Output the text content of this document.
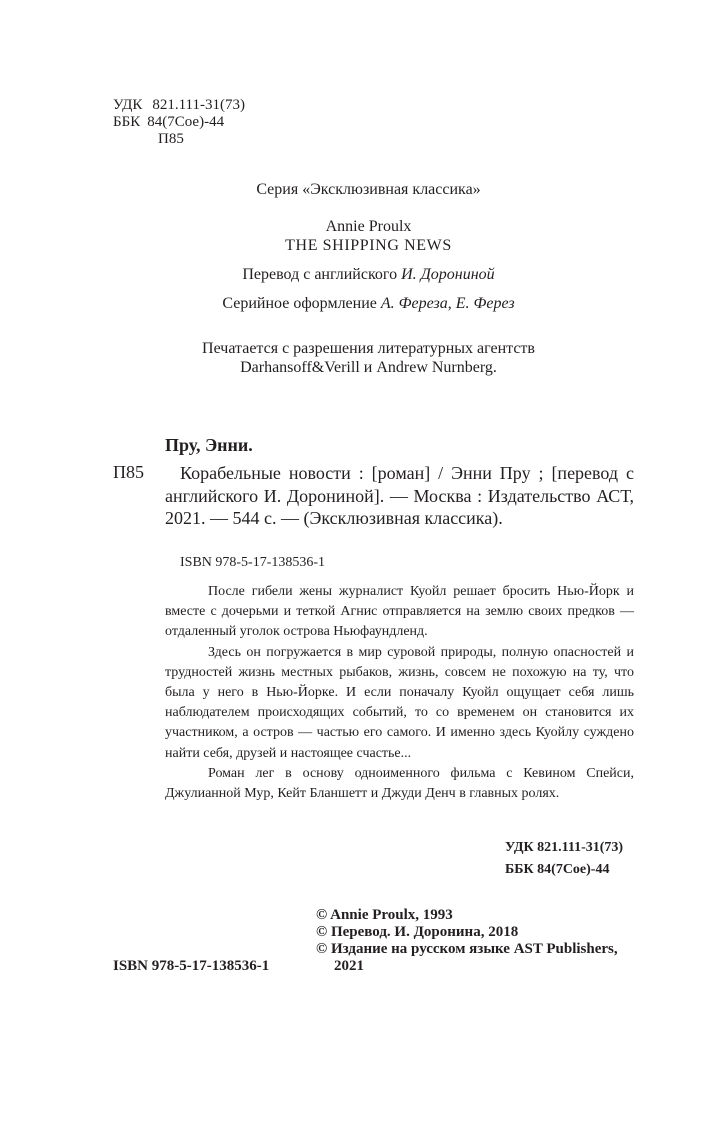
УДК 821.111-31(73)
ББК 84(7Сое)-44
П85
Серия «Эксклюзивная классика»
Annie Proulx
THE SHIPPING NEWS
Перевод с английского И. Дорониной
Серийное оформление А. Фереза, Е. Ферез
Печатается с разрешения литературных агентств
Darhansoff&Verill и Andrew Nurnberg.
Пру, Энни.
П85	Корабельные новости : [роман] / Энни Пру ; [перевод с английского И. Дорониной]. — Москва : Издательство АСТ, 2021. — 544 с. — (Эксклюзивная классика).
ISBN 978-5-17-138536-1

После гибели жены журналист Куойл решает бросить Нью-Йорк и вместе с дочерьми и теткой Агнис отправляется на землю своих предков — отдаленный уголок острова Ньюфаундленд.

Здесь он погружается в мир суровой природы, полную опасностей и трудностей жизнь местных рыбаков, жизнь, совсем не похожую на ту, что была у него в Нью-Йорке. И если поначалу Куойл ощущает себя лишь наблюдателем происходящих событий, то со временем он становится их участником, а остров — частью его самого. И именно здесь Куойлу суждено найти себя, друзей и настоящее счастье...

Роман лег в основу одноименного фильма с Кевином Спейси, Джулианной Мур, Кейт Бланшетт и Джуди Денч в главных ролях.

УДК 821.111-31(73)
ББК 84(7Сое)-44
© Annie Proulx, 1993
© Перевод. И. Доронина, 2018
© Издание на русском языке AST Publishers,
2021
ISBN 978-5-17-138536-1
